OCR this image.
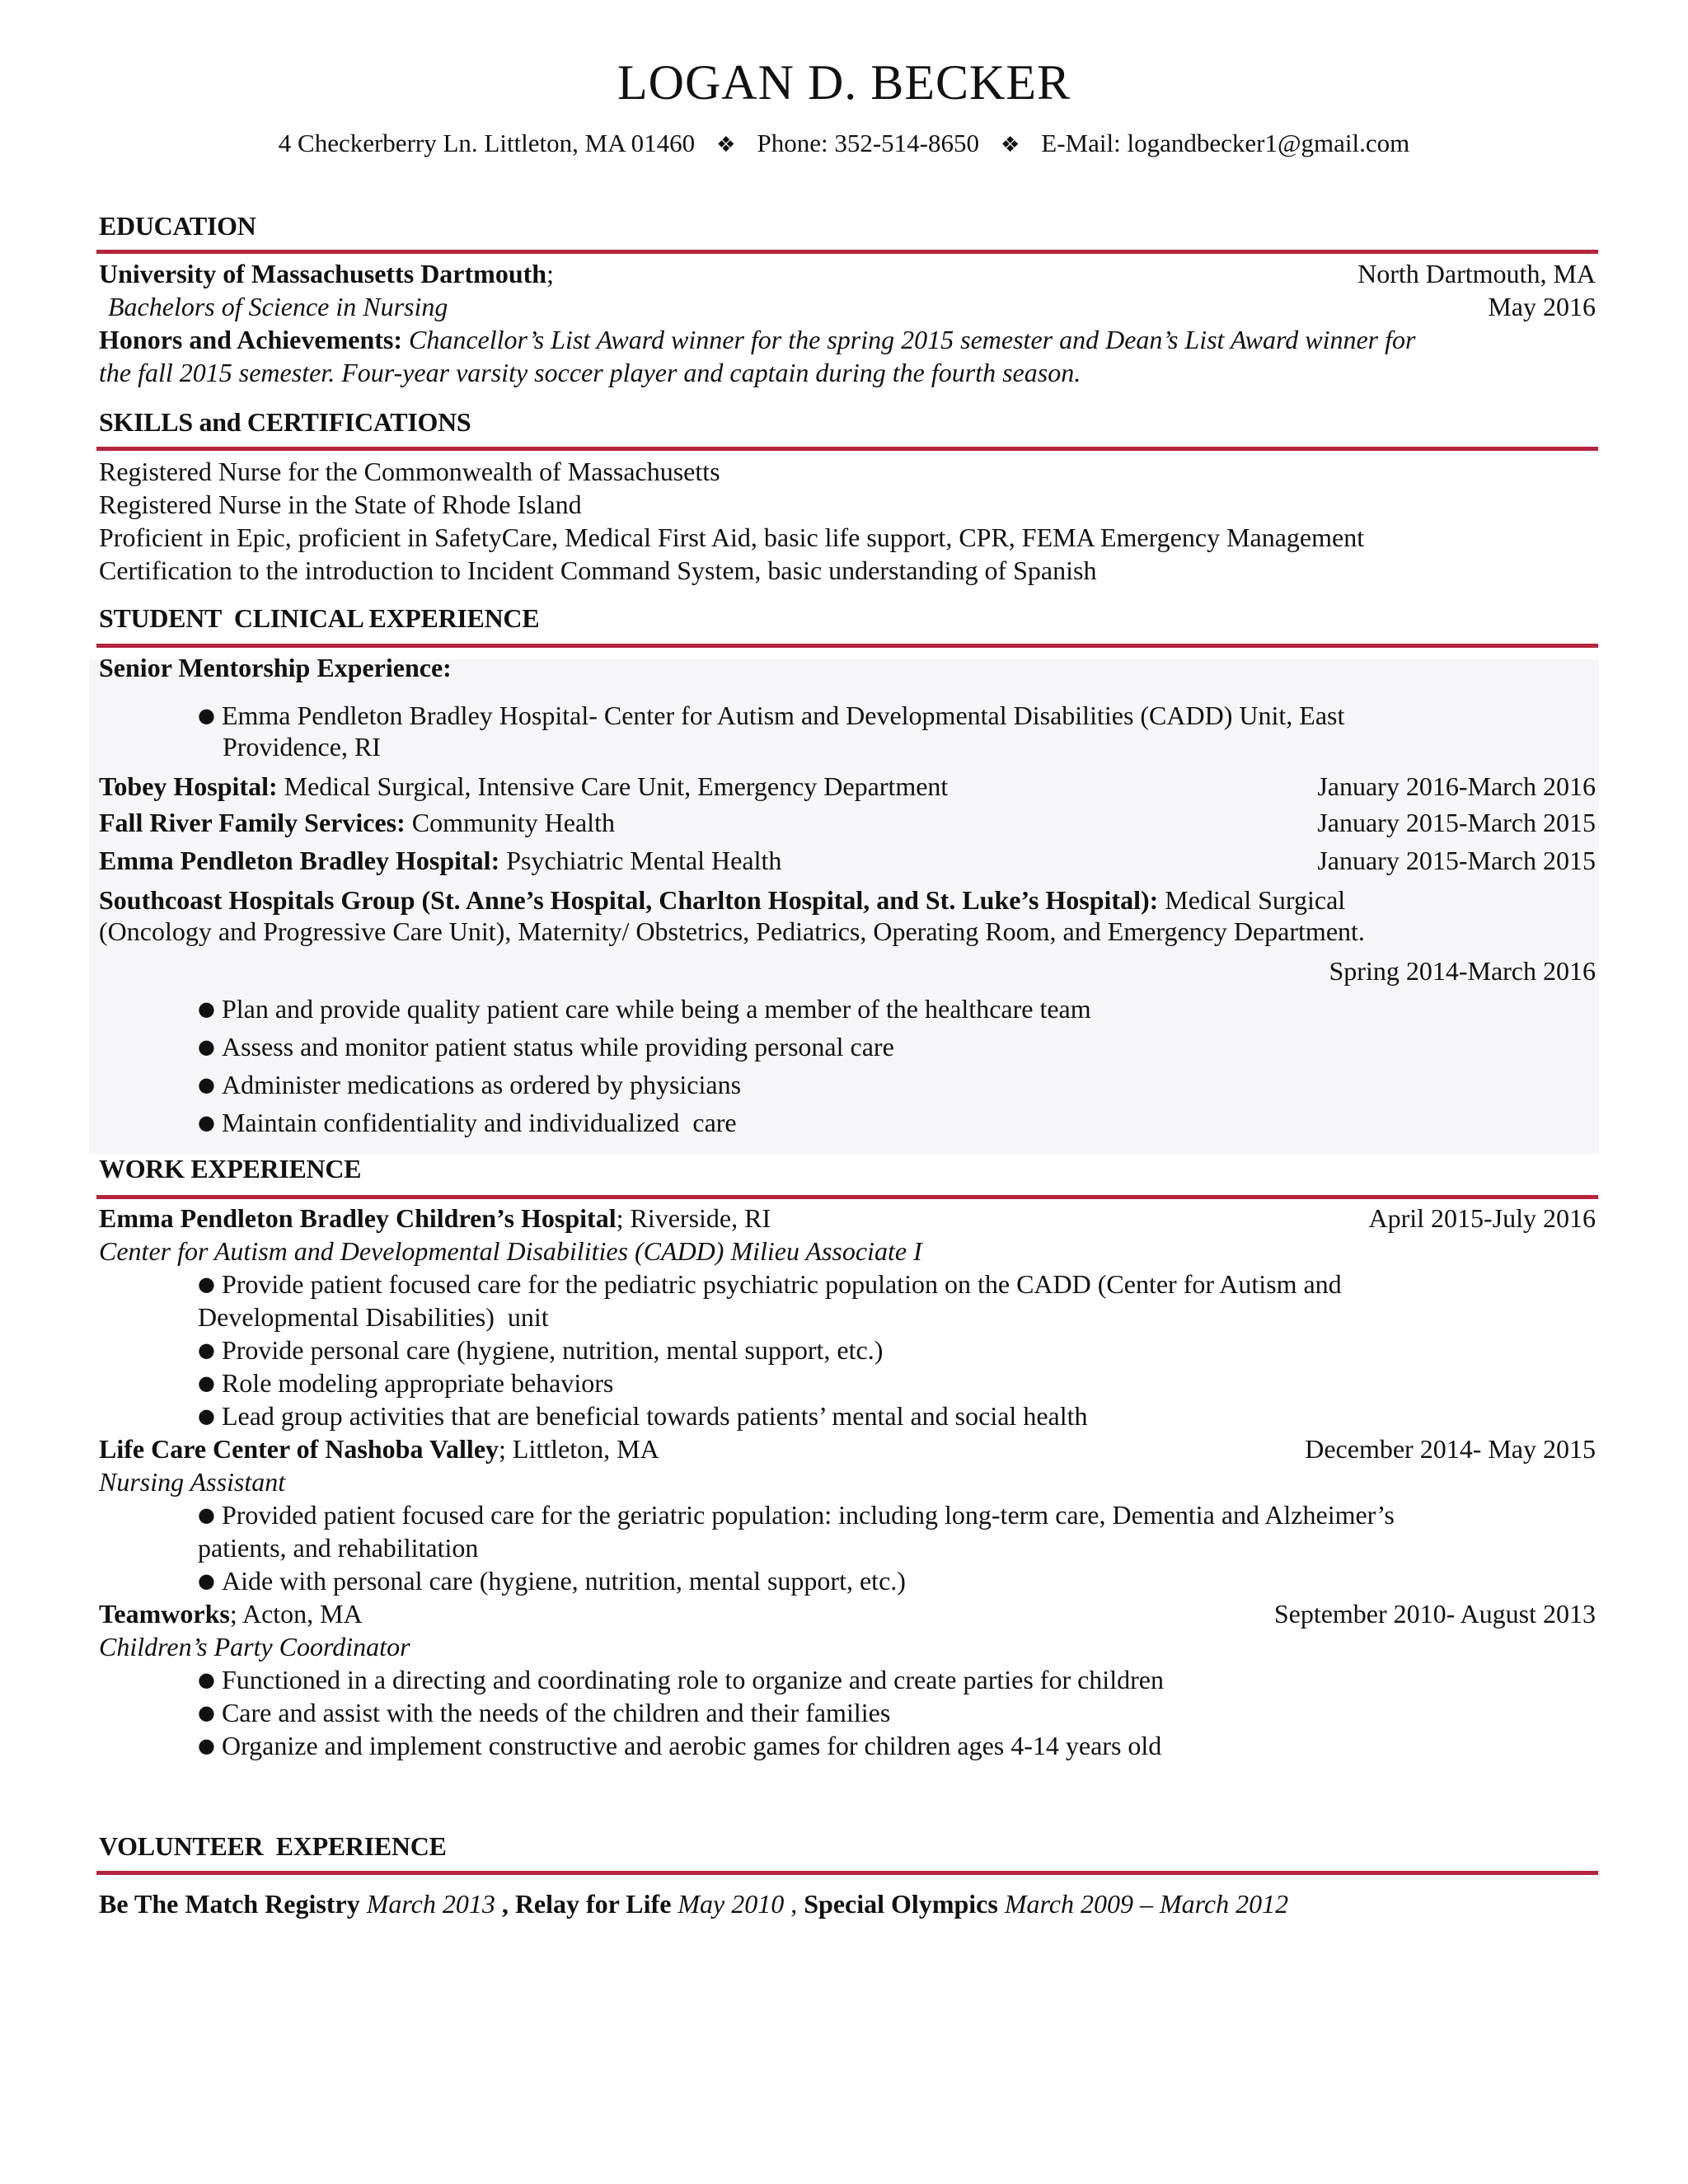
LOGAN D. BECKER
4 Checkerberry Ln. Littleton, MA 01460 ❖ Phone: 352-514-8650 ❖ E-Mail: logandbecker1@gmail.com
EDUCATION
University of Massachusetts Dartmouth;	North Dartmouth, MA
Bachelors of Science in Nursing	May 2016
Honors and Achievements: Chancellor’s List Award winner for the spring 2015 semester and Dean’s List Award winner for
the fall 2015 semester. Four-year varsity soccer player and captain during the fourth season.
SKILLS and CERTIFICATIONS
Registered Nurse for the Commonwealth of Massachusetts
Registered Nurse in the State of Rhode Island
Proficient in Epic, proficient in SafetyCare, Medical First Aid, basic life support, CPR, FEMA Emergency Management
Certification to the introduction to Incident Command System, basic understanding of Spanish
STUDENT  CLINICAL EXPERIENCE
Senior Mentorship Experience:
● Emma Pendleton Bradley Hospital- Center for Autism and Developmental Disabilities (CADD) Unit, East
Providence, RI
Tobey Hospital: Medical Surgical, Intensive Care Unit, Emergency Department	January 2016-March 2016
Fall River Family Services: Community Health	January 2015-March 2015
Emma Pendleton Bradley Hospital: Psychiatric Mental Health	January 2015-March 2015
Southcoast Hospitals Group (St. Anne’s Hospital, Charlton Hospital, and St. Luke’s Hospital): Medical Surgical
(Oncology and Progressive Care Unit), Maternity/ Obstetrics, Pediatrics, Operating Room, and Emergency Department.
Spring 2014-March 2016
● Plan and provide quality patient care while being a member of the healthcare team
● Assess and monitor patient status while providing personal care
● Administer medications as ordered by physicians
● Maintain confidentiality and individualized  care
WORK EXPERIENCE
Emma Pendleton Bradley Children’s Hospital; Riverside, RI	April 2015-July 2016
Center for Autism and Developmental Disabilities (CADD) Milieu Associate I
● Provide patient focused care for the pediatric psychiatric population on the CADD (Center for Autism and
Developmental Disabilities)  unit
● Provide personal care (hygiene, nutrition, mental support, etc.)
● Role modeling appropriate behaviors
● Lead group activities that are beneficial towards patients’ mental and social health
Life Care Center of Nashoba Valley; Littleton, MA	December 2014- May 2015
Nursing Assistant
● Provided patient focused care for the geriatric population: including long-term care, Dementia and Alzheimer’s
patients, and rehabilitation
● Aide with personal care (hygiene, nutrition, mental support, etc.)
Teamworks; Acton, MA	September 2010- August 2013
Children’s Party Coordinator
● Functioned in a directing and coordinating role to organize and create parties for children
● Care and assist with the needs of the children and their families
● Organize and implement constructive and aerobic games for children ages 4-14 years old
VOLUNTEER  EXPERIENCE
Be The Match Registry March 2013 , Relay for Life May 2010 , Special Olympics March 2009 – March 2012
